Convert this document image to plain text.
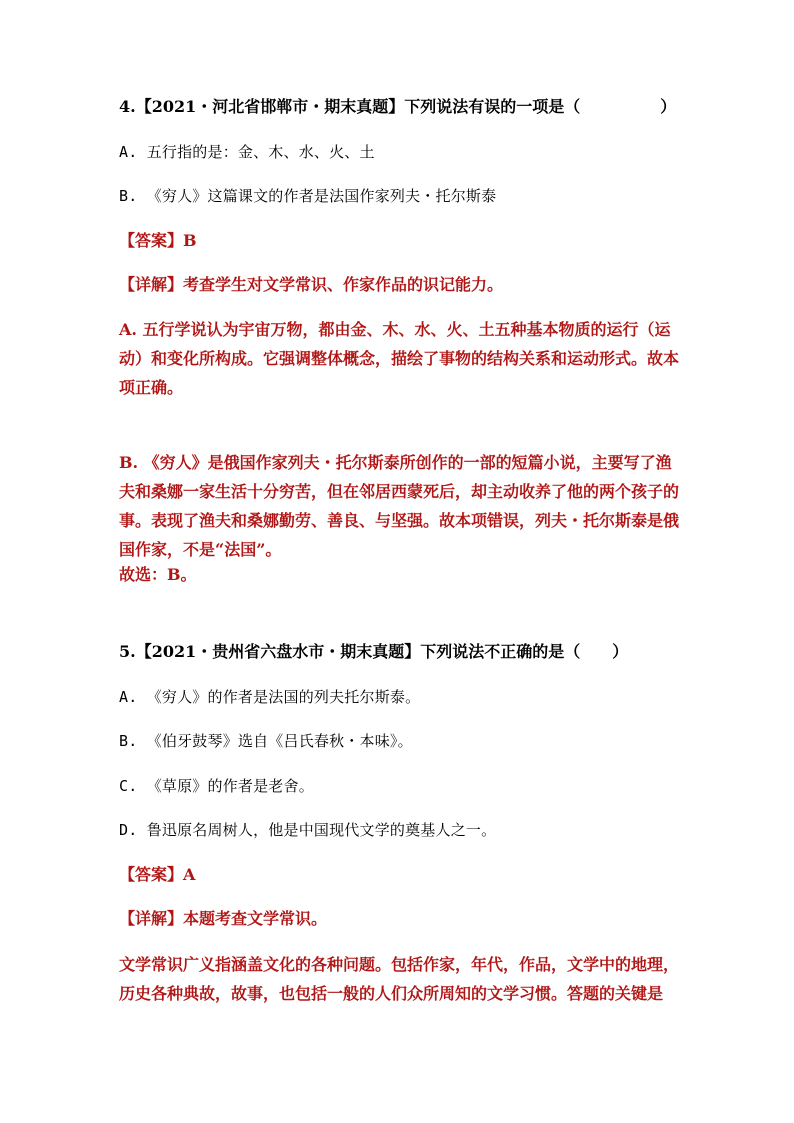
4.【2021・河北省邯郸市・期末真题】下列说法有误的一项是（　　　　　）
A. 五行指的是：金、木、水、火、土
B. 《穷人》这篇课文的作者是法国作家列夫・托尔斯泰
【答案】B
【详解】考查学生对文学常识、作家作品的识记能力。
A. 五行学说认为宇宙万物，都由金、木、水、火、土五种基本物质的运行（运动）和变化所构成。它强调整体概念，描绘了事物的结构关系和运动形式。故本项正确。
B. 《穷人》是俄国作家列夫・托尔斯泰所创作的一部的短篇小说，主要写了渔夫和桑娜一家生活十分穷苦，但在邻居西蒙死后，却主动收养了他的两个孩子的事。表现了渔夫和桑娜勤劳、善良、与坚强。故本项错误，列夫・托尔斯泰是俄国作家，不是“法国”。
故选：B。
5.【2021・贵州省六盘水市・期末真题】下列说法不正确的是（　　）
A. 《穷人》的作者是法国的列夫托尔斯泰。
B. 《伯牙鼓琴》选自《吕氏春秋・本味》。
C. 《草原》的作者是老舍。
D. 鲁迅原名周树人，他是中国现代文学的奠基人之一。
【答案】A
【详解】本题考查文学常识。
文学常识广义指涵盖文化的各种问题。包括作家，年代，作品，文学中的地理，历史各种典故，故事，也包括一般的人们众所周知的文学习惯。答题的关键是
